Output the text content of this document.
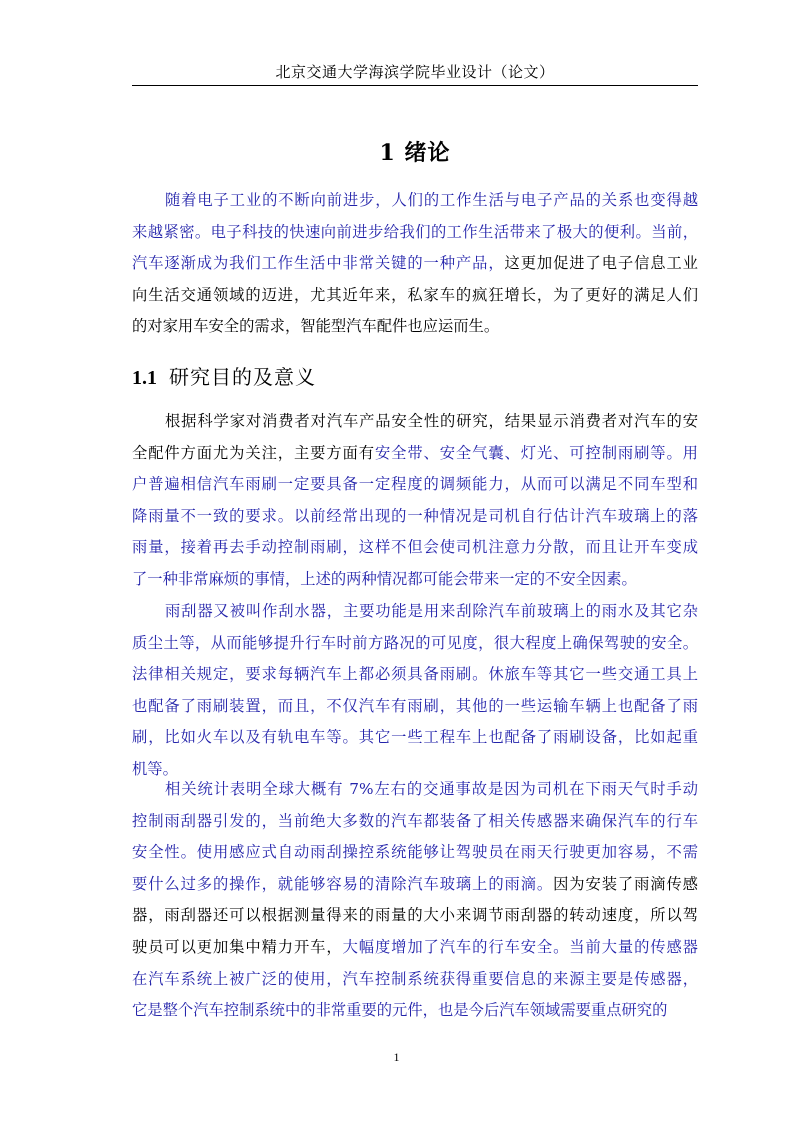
北京交通大学海滨学院毕业设计（论文）
1 绪论
随着电子工业的不断向前进步，人们的工作生活与电子产品的关系也变得越
来越紧密。电子科技的快速向前进步给我们的工作生活带来了极大的便利。当前，
汽车逐渐成为我们工作生活中非常关键的一种产品，这更加促进了电子信息工业
向生活交通领域的迈进，尤其近年来，私家车的疯狂增长，为了更好的满足人们
的对家用车安全的需求，智能型汽车配件也应运而生。
1.1 研究目的及意义
根据科学家对消费者对汽车产品安全性的研究，结果显示消费者对汽车的安
全配件方面尤为关注，主要方面有安全带、安全气囊、灯光、可控制雨刷等。用
户普遍相信汽车雨刷一定要具备一定程度的调频能力，从而可以满足不同车型和
降雨量不一致的要求。以前经常出现的一种情况是司机自行估计汽车玻璃上的落
雨量，接着再去手动控制雨刷，这样不但会使司机注意力分散，而且让开车变成
了一种非常麻烦的事情，上述的两种情况都可能会带来一定的不安全因素。
雨刮器又被叫作刮水器，主要功能是用来刮除汽车前玻璃上的雨水及其它杂
质尘土等，从而能够提升行车时前方路况的可见度，很大程度上确保驾驶的安全。
法律相关规定，要求每辆汽车上都必须具备雨刷。休旅车等其它一些交通工具上
也配备了雨刷装置，而且，不仅汽车有雨刷，其他的一些运输车辆上也配备了雨
刷，比如火车以及有轨电车等。其它一些工程车上也配备了雨刷设备，比如起重
机等。
相关统计表明全球大概有 7%左右的交通事故是因为司机在下雨天气时手动
控制雨刮器引发的，当前绝大多数的汽车都装备了相关传感器来确保汽车的行车
安全性。使用感应式自动雨刮操控系统能够让驾驶员在雨天行驶更加容易，不需
要什么过多的操作，就能够容易的清除汽车玻璃上的雨滴。因为安装了雨滴传感
器，雨刮器还可以根据测量得来的雨量的大小来调节雨刮器的转动速度，所以驾
驶员可以更加集中精力开车，大幅度增加了汽车的行车安全。当前大量的传感器
在汽车系统上被广泛的使用，汽车控制系统获得重要信息的来源主要是传感器，
它是整个汽车控制系统中的非常重要的元件，也是今后汽车领域需要重点研究的
1
